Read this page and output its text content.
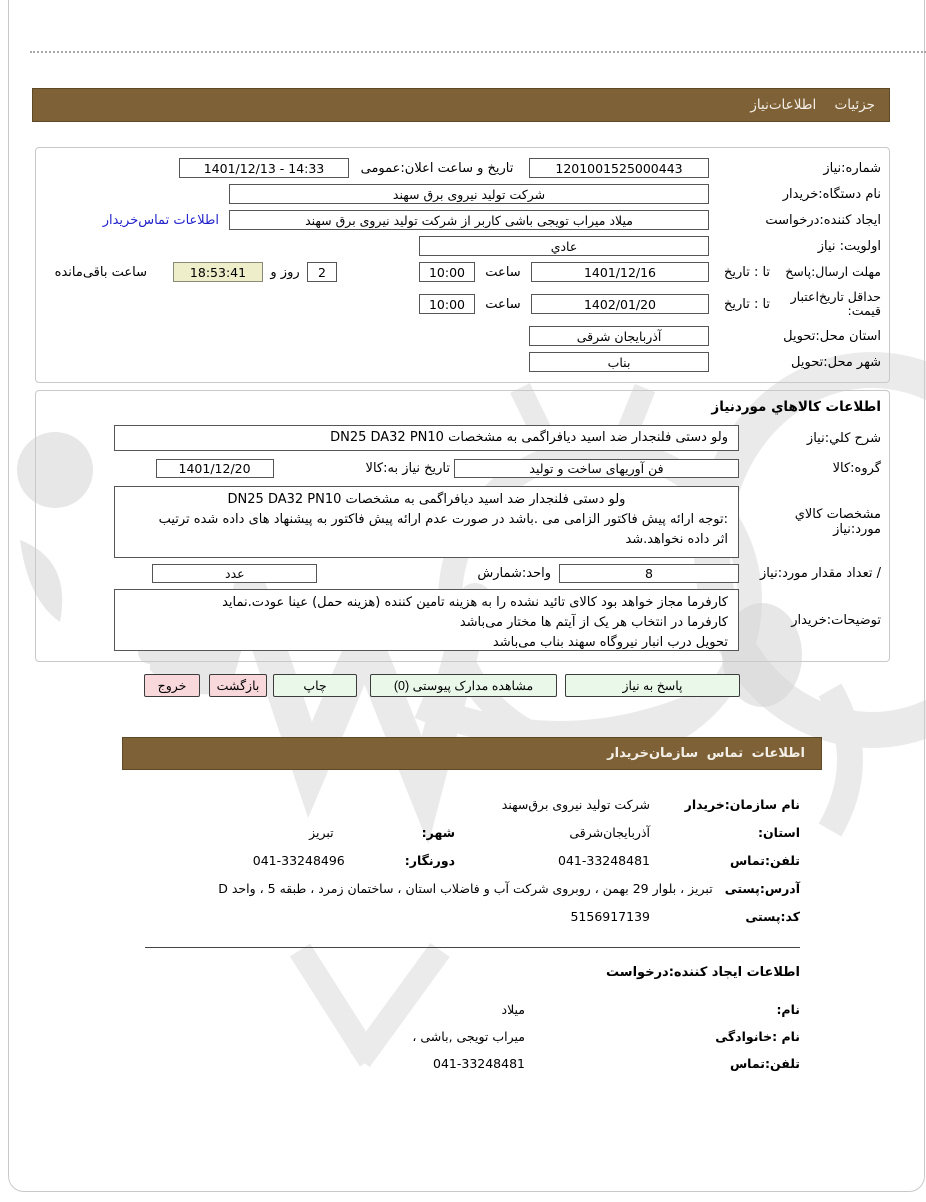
جزئیات اطلاعات‌نیاز
شماره:نیاز
1201001525000443
تاریخ و ساعت اعلان:عمومی
1401/12/13 - 14:33
نام دستگاه:خریدار
شرکت تولید نیروی برق سهند
ایجاد کننده:درخواست
میلاد میراب تویجی باشی کاربر از شرکت تولید نیروی برق سهند
اطلاعات تماس‌خریدار
اولویت: نیاز
عادي
مهلت ارسال:پاسخ
تا : تاریخ
1401/12/16
ساعت
10:00
2
روز و
18:53:41
ساعت باقی‌مانده
حداقل تاریخ‌اعتبار
قیمت:
تا : تاریخ
1402/01/20
ساعت
10:00
استان محل:تحویل
آذربایجان شرقی
شهر محل:تحویل
بناب
اطلاعات کالاهاي موردنیاز
شرح کلي:نیاز
ولو دستی فلنجدار ضد اسید دیافراگمی به مشخصات DN25 DA32 PN10
گروه:کالا
فن آوریهای ساخت و تولید
تاریخ نیاز به:کالا
1401/12/20
مشخصات کالاي مورد:نیاز
ولو دستی فلنجدار ضد اسید دیافراگمی به مشخصات DN25 DA32 PN10
:توجه ارائه پیش فاکتور الزامی می .باشد در صورت عدم ارائه پیش فاکتور به پیشنهاد های داده شده ترتیب
اثر داده نخواهد.شد
/ تعداد مقدار مورد:نیاز
8
واحد:شمارش
عدد
توضیحات:خریدار
کارفرما مجاز خواهد بود کالای تائید نشده را به هزینه تامین کننده (هزینه حمل) عینا عودت.نماید
کارفرما در انتخاب هر یک از آیتم ها مختار می‌باشد
تحویل درب انبار نیروگاه سهند بناب می‌باشد
پاسخ به نیاز
مشاهده مدارک پیوستی (0)
چاپ
بازگشت
خروج
اطلاعات تماس سازمان‌خریدار
نام سازمان:خریدار
شرکت تولید نیروی برق‌سهند
استان:
آذربایجان‌شرقی
شهر:
تبریز
تلفن:تماس
041-33248481
دورنگار:
041-33248496
آدرس:پستی
تبریز ، بلوار 29 بهمن ، روبروی شرکت آب و فاضلاب استان ، ساختمان زمرد ، طبقه 5 ، واحد D
کد:پستی
5156917139
اطلاعات ایجاد کننده:درخواست
نام:
میلاد
نام :خانوادگی
میراب تویجی ,باشی ،
تلفن:تماس
041-33248481
